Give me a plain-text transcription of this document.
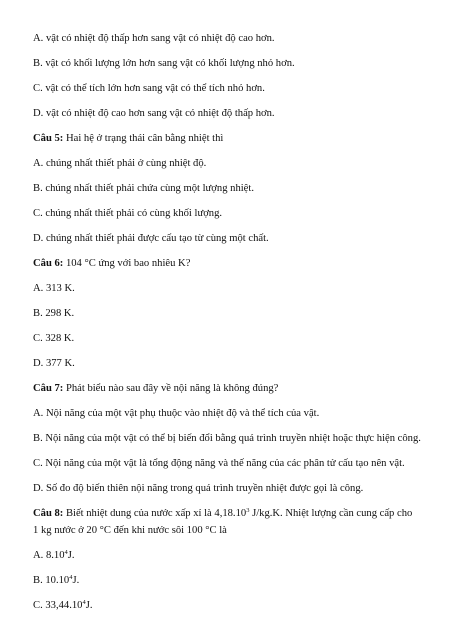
A. vật có nhiệt độ thấp hơn sang vật có nhiệt độ cao hơn.
B. vật có khối lượng lớn hơn sang vật có khối lượng nhỏ hơn.
C. vật có thể tích lớn hơn sang vật có thể tích nhỏ hơn.
D. vật có nhiệt độ cao hơn sang vật có nhiệt độ thấp hơn.
Câu 5: Hai hệ ở trạng thái cân bằng nhiệt thì
A. chúng nhất thiết phải ở cùng nhiệt độ.
B. chúng nhất thiết phải chứa cùng một lượng nhiệt.
C. chúng nhất thiết phải có cùng khối lượng.
D. chúng nhất thiết phải được cấu tạo từ cùng một chất.
Câu 6: 104 °C ứng với bao nhiêu K?
A. 313 K.
B. 298 K.
C. 328 K.
D. 377 K.
Câu 7: Phát biểu nào sau đây về nội năng là không đúng?
A. Nội năng của một vật phụ thuộc vào nhiệt độ và thể tích của vật.
B. Nội năng của một vật có thể bị biến đổi bằng quá trình truyền nhiệt hoặc thực hiện công.
C. Nội năng của một vật là tổng động năng và thế năng của các phân tử cấu tạo nên vật.
D. Số đo độ biến thiên nội năng trong quá trình truyền nhiệt được gọi là công.
Câu 8: Biết nhiệt dung của nước xấp xỉ là 4,18.10$^3$ J/kg.K. Nhiệt lượng cần cung cấp cho
1 kg nước ở 20 °C đến khi nước sôi 100 °C là
A. 8.10$^4$J.
B. 10.10$^4$J.
C. 33,44.10$^4$J.
